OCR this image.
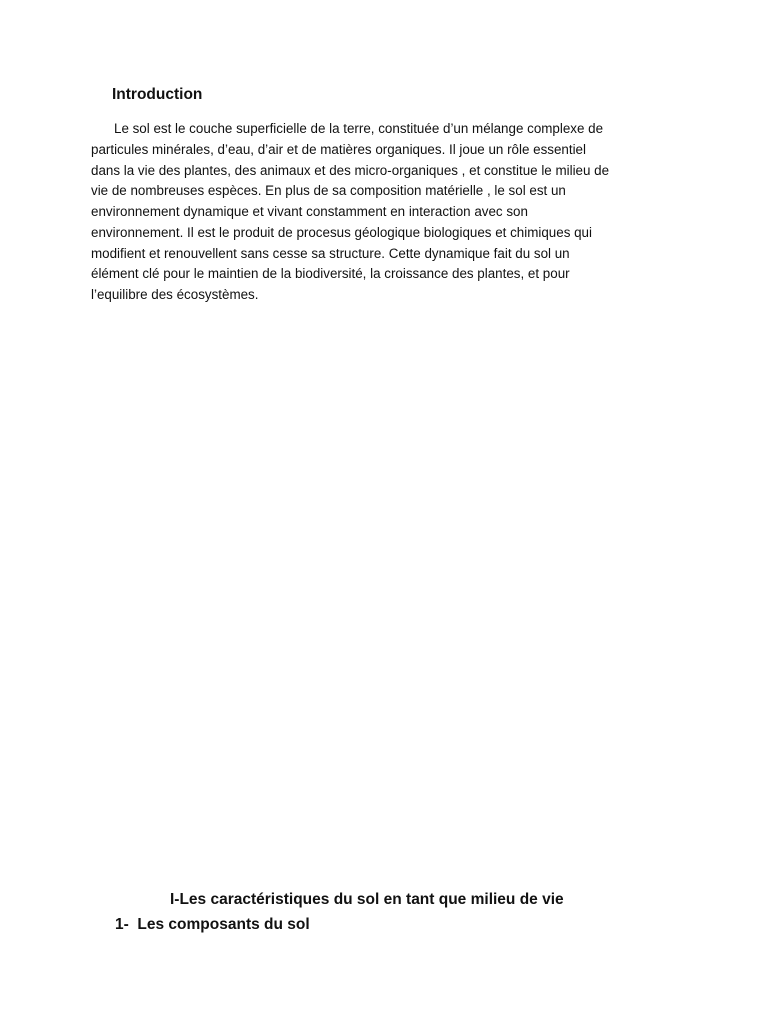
Introduction

Le sol est le couche superficielle de la terre, constituée d’un mélange complexe de
particules minérales, d’eau, d’air et de matières organiques. Il joue un rôle essentiel
dans la vie des plantes, des animaux et des micro-organiques , et constitue le milieu de
vie de nombreuses espèces. En plus de sa composition matérielle , le sol est un
environnement dynamique et vivant constamment en interaction avec son
environnement. Il est le produit de procesus géologique biologiques et chimiques qui
modifient et renouvellent sans cesse sa structure. Cette dynamique fait du sol un
élément clé pour le maintien de la biodiversité, la croissance des plantes, et pour
l’equilibre des écosystèmes.

I-Les caractéristiques du sol en tant que milieu de vie
1- Les composants du sol
